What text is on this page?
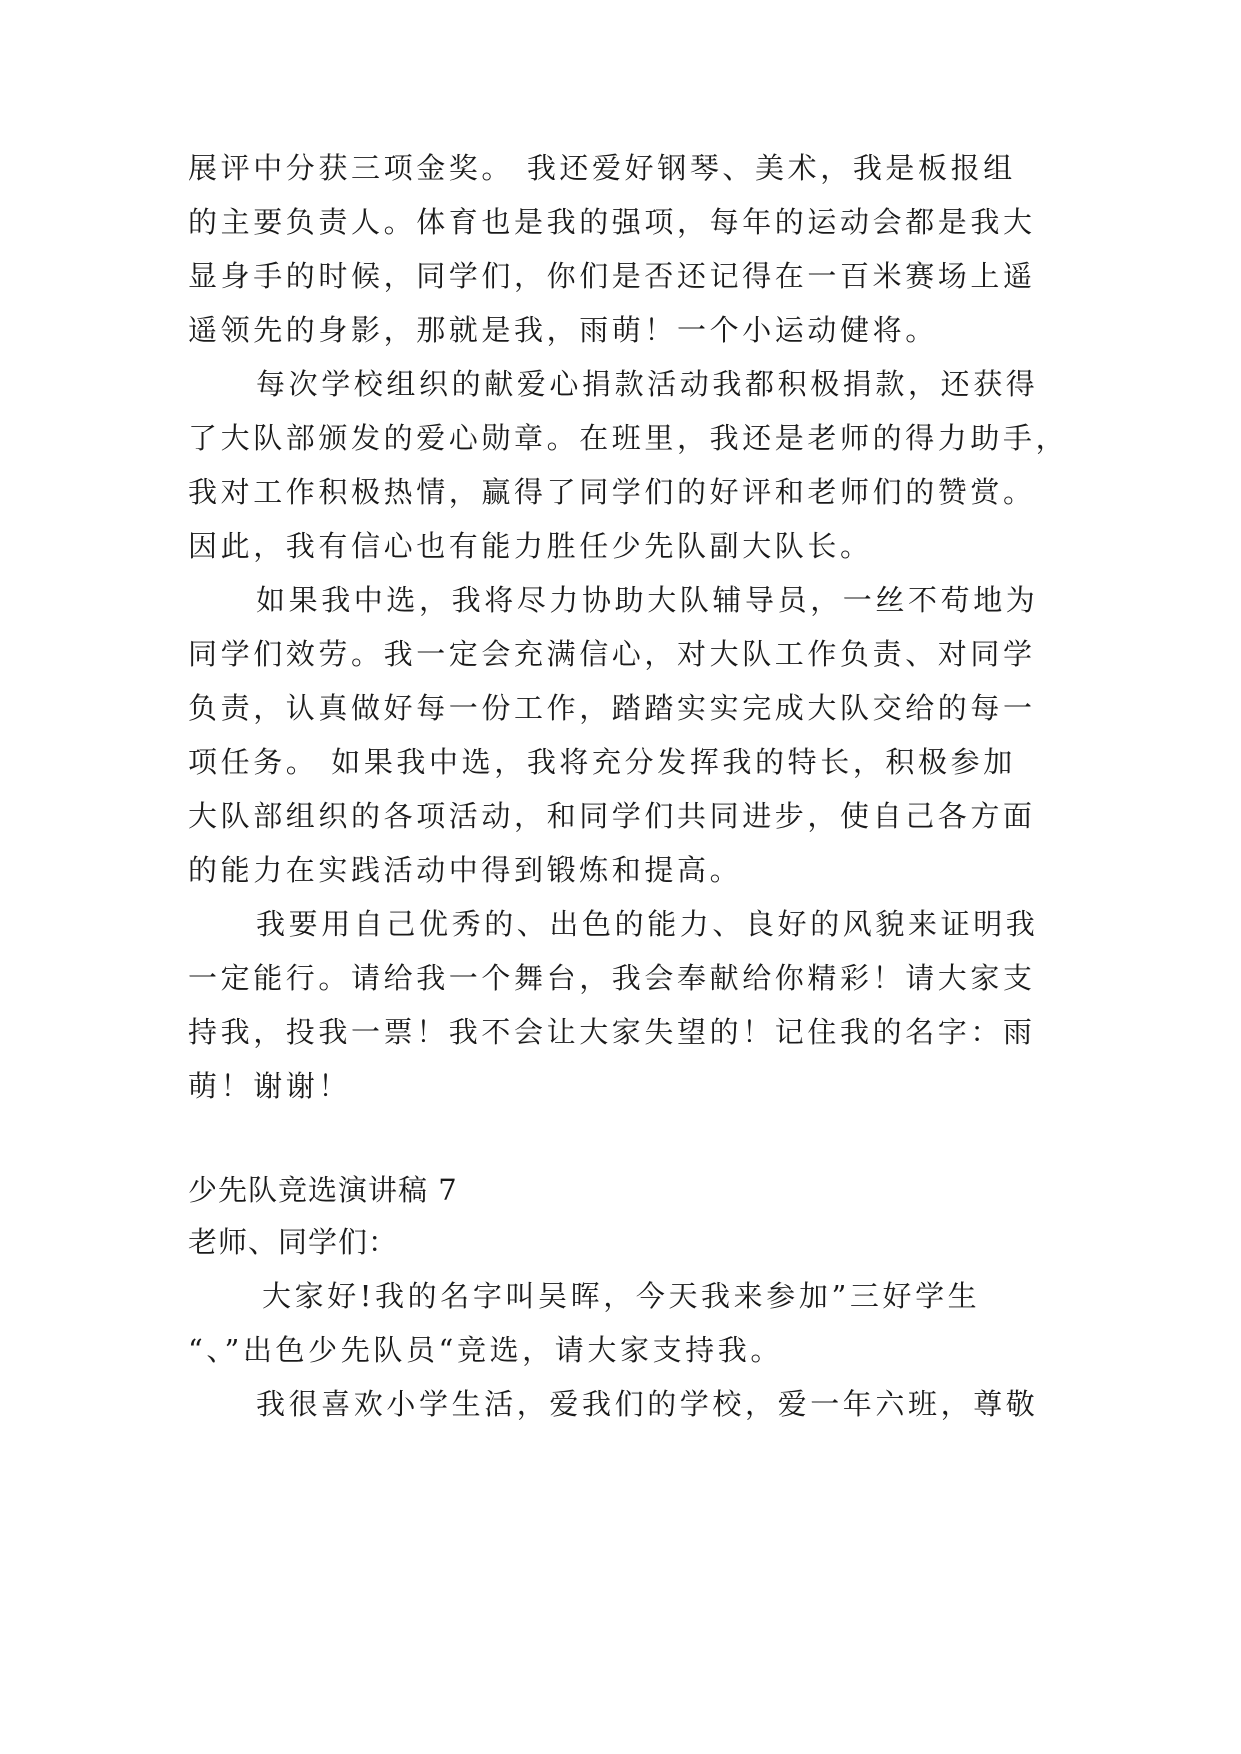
展评中分获三项金奖。 我还爱好钢琴、美术，我是板报组

的主要负责人。体育也是我的强项，每年的运动会都是我大

显身手的时候，同学们，你们是否还记得在一百米赛场上遥

遥领先的身影，那就是我，雨萌！一个小运动健将。

每次学校组织的献爱心捐款活动我都积极捐款，还获得

了大队部颁发的爱心勋章。在班里，我还是老师的得力助手，

我对工作积极热情，赢得了同学们的好评和老师们的赞赏。

因此，我有信心也有能力胜任少先队副大队长。

如果我中选，我将尽力协助大队辅导员，一丝不苟地为

同学们效劳。我一定会充满信心，对大队工作负责、对同学

负责，认真做好每一份工作，踏踏实实完成大队交给的每一

项任务。 如果我中选，我将充分发挥我的特长，积极参加

大队部组织的各项活动，和同学们共同进步，使自己各方面

的能力在实践活动中得到锻炼和提高。

我要用自己优秀的、出色的能力、良好的风貌来证明我

一定能行。请给我一个舞台，我会奉献给你精彩！请大家支

持我，投我一票！我不会让大家失望的！记住我的名字：雨

萌！谢谢！

少先队竞选演讲稿 7

老师、同学们：

大家好!我的名字叫吴晖，今天我来参加”三好学生

“、”出色少先队员“竞选，请大家支持我。

我很喜欢小学生活，爱我们的学校，爱一年六班，尊敬
